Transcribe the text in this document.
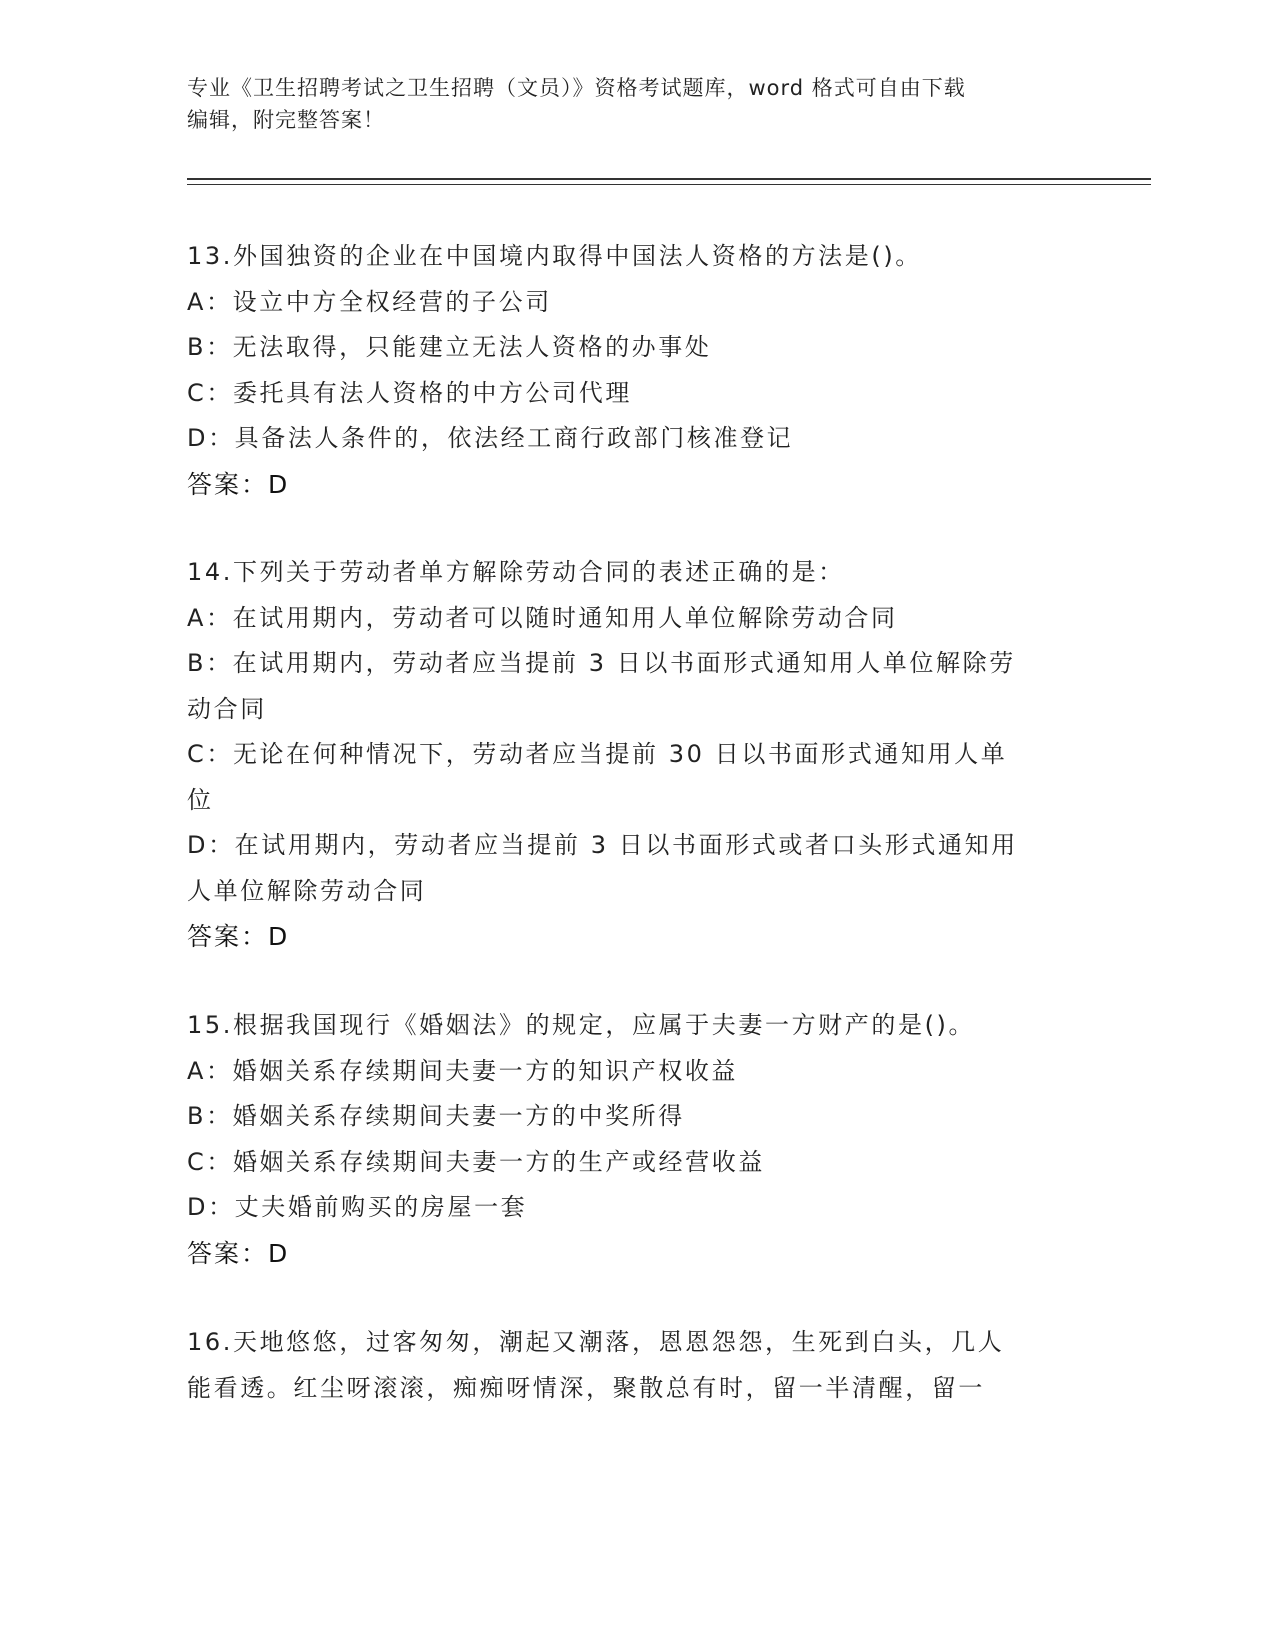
专业《卫生招聘考试之卫生招聘（文员）》资格考试题库，word 格式可自由下载

编辑，附完整答案！

13.外国独资的企业在中国境内取得中国法人资格的方法是()。

A：设立中方全权经营的子公司

B：无法取得，只能建立无法人资格的办事处

C：委托具有法人资格的中方公司代理

D：具备法人条件的，依法经工商行政部门核准登记

答案：D

14.下列关于劳动者单方解除劳动合同的表述正确的是：

A：在试用期内，劳动者可以随时通知用人单位解除劳动合同

B：在试用期内，劳动者应当提前 3 日以书面形式通知用人单位解除劳

动合同

C：无论在何种情况下，劳动者应当提前 30 日以书面形式通知用人单

位

D：在试用期内，劳动者应当提前 3 日以书面形式或者口头形式通知用

人单位解除劳动合同

答案：D

15.根据我国现行《婚姻法》的规定，应属于夫妻一方财产的是()。

A：婚姻关系存续期间夫妻一方的知识产权收益

B：婚姻关系存续期间夫妻一方的中奖所得

C：婚姻关系存续期间夫妻一方的生产或经营收益

D：丈夫婚前购买的房屋一套

答案：D

16.天地悠悠，过客匆匆，潮起又潮落，恩恩怨怨，生死到白头，几人

能看透。红尘呀滚滚，痴痴呀情深，聚散总有时，留一半清醒，留一
